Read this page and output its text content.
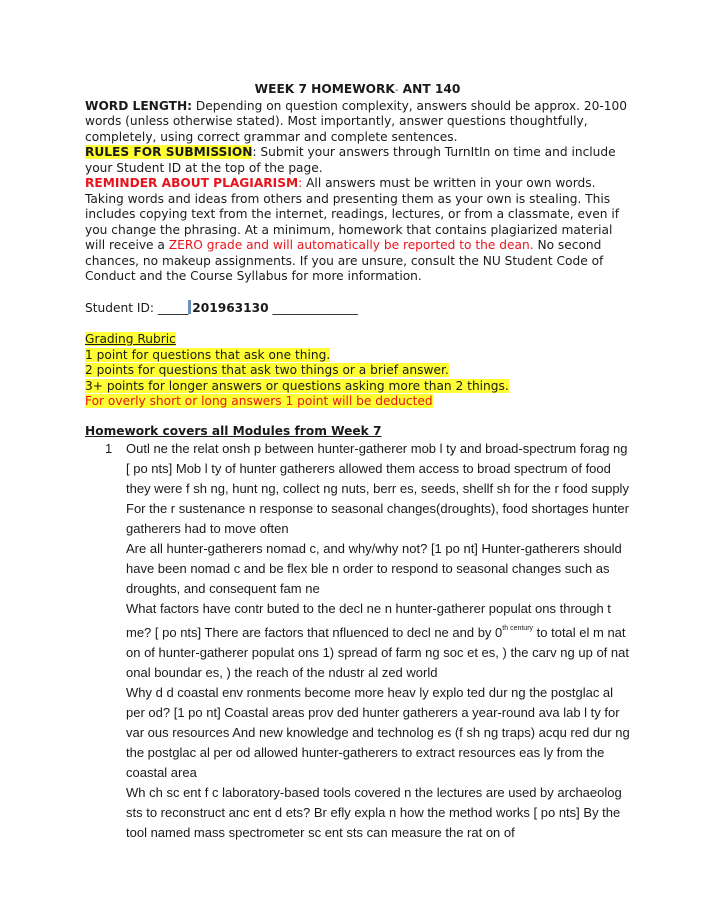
WEEK 7 HOMEWORK- ANT 140

WORD LENGTH: Depending on question complexity, answers should be approx. 20-100 words (unless otherwise stated). Most importantly, answer questions thoughtfully, completely, using correct grammar and complete sentences.

RULES FOR SUBMISSION: Submit your answers through TurnItIn on time and include your Student ID at the top of the page.

REMINDER ABOUT PLAGIARISM: All answers must be written in your own words. Taking words and ideas from others and presenting them as your own is stealing. This includes copying text from the internet, readings, lectures, or from a classmate, even if you change the phrasing. At a minimum, homework that contains plagiarized material will receive a ZERO grade and will automatically be reported to the dean. No second chances, no makeup assignments. If you are unsure, consult the NU Student Code of Conduct and the Course Syllabus for more information.

Student ID: _____ 201963130 ______________

Grading Rubric

1 point for questions that ask one thing.

2 points for questions that ask two things or a brief answer.

3+ points for longer answers or questions asking more than 2 things.

For overly short or long answers 1 point will be deducted

Homework covers all Modules from Week 7

1 Outl ne the relat onsh p between hunter-gatherer mob l ty and broad-spectrum forag ng [ po nts] Mob l ty of hunter gatherers allowed them access to broad spectrum of food they were f sh ng, hunt ng, collect ng nuts, berr es, seeds, shellf sh for the r food supply For the r sustenance n response to seasonal changes(droughts), food shortages hunter gatherers had to move often

Are all hunter-gatherers nomad c, and why/why not? [1 po nt] Hunter-gatherers should have been nomad c and be flex ble n order to respond to seasonal changes such as droughts, and consequent fam ne

What factors have contr buted to the decl ne n hunter-gatherer populat ons through t me? [ po nts] There are factors that nfluenced to decl ne and by $0^{th century}$ to total el m nat on of hunter-gatherer populat ons 1) spread of farm ng soc et es, ) the carv ng up of nat onal boundar es, ) the reach of the ndustr al zed world

Why d d coastal env ronments become more heav ly explo ted dur ng the postglac al per od? [1 po nt] Coastal areas prov ded hunter gatherers a year-round ava lab l ty for var ous resources And new knowledge and technolog es (f sh ng traps) acqu red dur ng the postglac al per od allowed hunter-gatherers to extract resources eas ly from the coastal area

Wh ch sc ent f c laboratory-based tools covered n the lectures are used by archaeolog sts to reconstruct anc ent d ets? Br efly expla n how the method works [ po nts] By the tool named mass spectrometer sc ent sts can measure the rat on of
